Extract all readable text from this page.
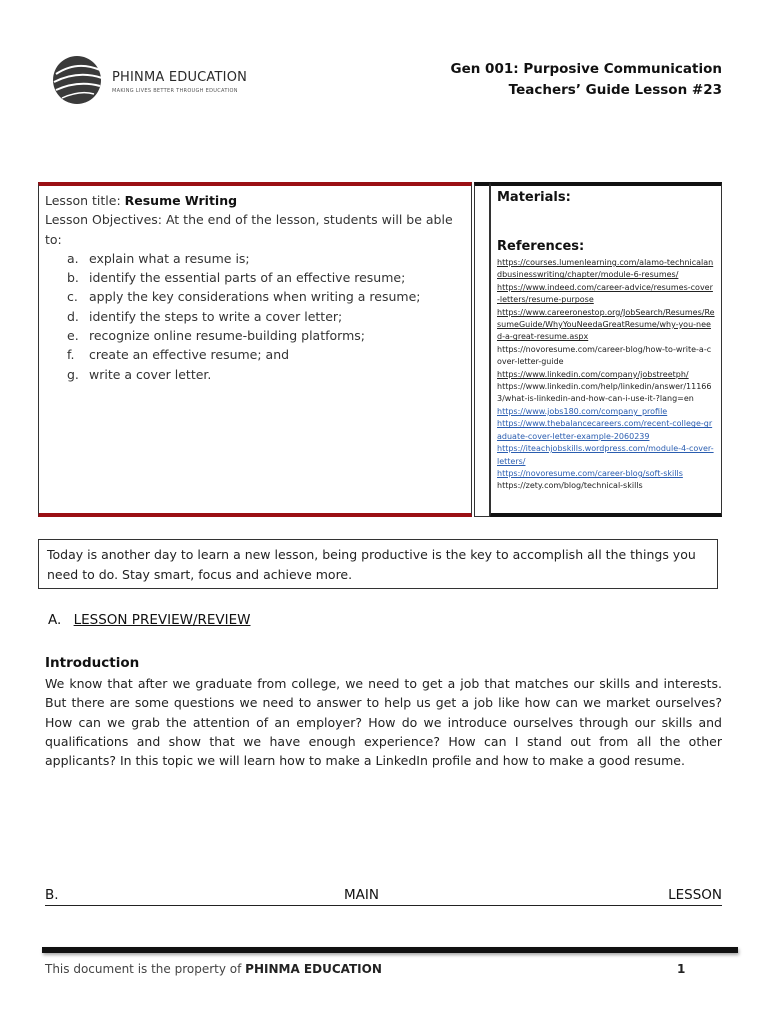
PHINMA EDUCATION
MAKING LIVES BETTER THROUGH EDUCATION
Gen 001: Purposive Communication
Teachers’ Guide Lesson #23
Lesson title: Resume Writing
Lesson Objectives: At the end of the lesson, students will be able to:
a. explain what a resume is;
b. identify the essential parts of an effective resume;
c. apply the key considerations when writing a resume;
d. identify the steps to write a cover letter;
e. recognize online resume-building platforms;
f.	create an effective resume; and
g. write a cover letter.
Materials:
References:
https://courses.lumenlearning.com/alamo-technicalandbusinesswriting/chapter/module-6-resumes/
https://www.indeed.com/career-advice/resumes-cover-letters/resume-purpose
https://www.careeronestop.org/JobSearch/Resumes/ResumeGuide/WhyYouNeedaGreatResume/why-you-need-a-great-resume.aspx
https://novoresume.com/career-blog/how-to-write-a-cover-letter-guide
https://www.linkedin.com/company/jobstreetph/
https://www.linkedin.com/help/linkedin/answer/111663/what-is-linkedin-and-how-can-i-use-it-?lang=en
https://www.jobs180.com/company_profile
https://www.thebalancecareers.com/recent-college-graduate-cover-letter-example-2060239
https://iteachjobskills.wordpress.com/module-4-cover-letters/
https://novoresume.com/career-blog/soft-skills
https://zety.com/blog/technical-skills
Today is another day to learn a new lesson, being productive is the key to accomplish all the things you need to do. Stay smart, focus and achieve more.
A. LESSON PREVIEW/REVIEW
Introduction
We know that after we graduate from college, we need to get a job that matches our skills and interests. But there are some questions we need to answer to help us get a job like how can we market ourselves? How can we grab the attention of an employer? How do we introduce ourselves through our skills and qualifications and show that we have enough experience? How can I stand out from all the other applicants? In this topic we will learn how to make a LinkedIn profile and how to make a good resume.
B.	MAIN	LESSON
This document is the property of PHINMA EDUCATION	1
